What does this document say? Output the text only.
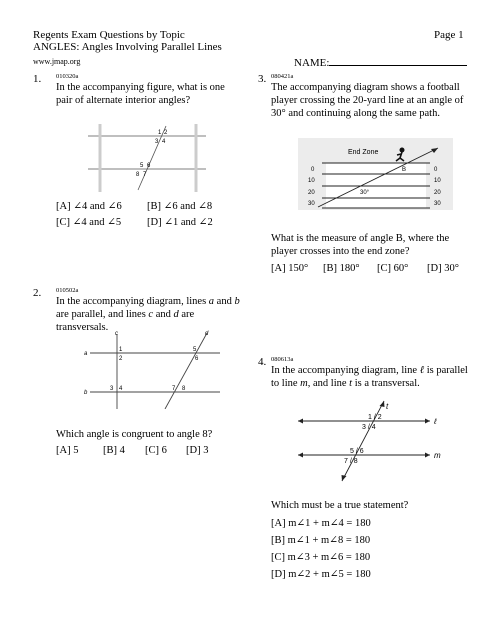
Regents Exam Questions by Topic
ANGLES: Angles Involving Parallel Lines
www.jmap.org
Page 1
NAME:
1. 010320a
In the accompanying figure, what is one pair of alternate interior angles?
1 2
3 4
5 6
8 7
[A] ∠4 and ∠6 [B] ∠6 and ∠8
[C] ∠4 and ∠5 [D] ∠1 and ∠2
2. 010502a
In the accompanying diagram, lines a and b are parallel, and lines c and d are transversals.
c	d
a
b
1
2
3 4
5
6
7 8
Which angle is congruent to angle 8?
[A] 5 [B] 4 [C] 6 [D] 3
3. 080421a
The accompanying diagram shows a football player crossing the 20-yard line at an angle of 30° and continuing along the same path.
End Zone
B
30°
0
10
20
30
0
10
20
30
What is the measure of angle B, where the player crosses into the end zone?
[A] 150° [B] 180° [C] 60° [D] 30°
4. 080613a
In the accompanying diagram, line ℓ is parallel to line m, and line t is a transversal.
t
ℓ
m
1 / 2
3 / 4
5 / 6
7 / 8
Which must be a true statement?
[A] m∠1 + m∠4 = 180
[B] m∠1 + m∠8 = 180
[C] m∠3 + m∠6 = 180
[D] m∠2 + m∠5 = 180
